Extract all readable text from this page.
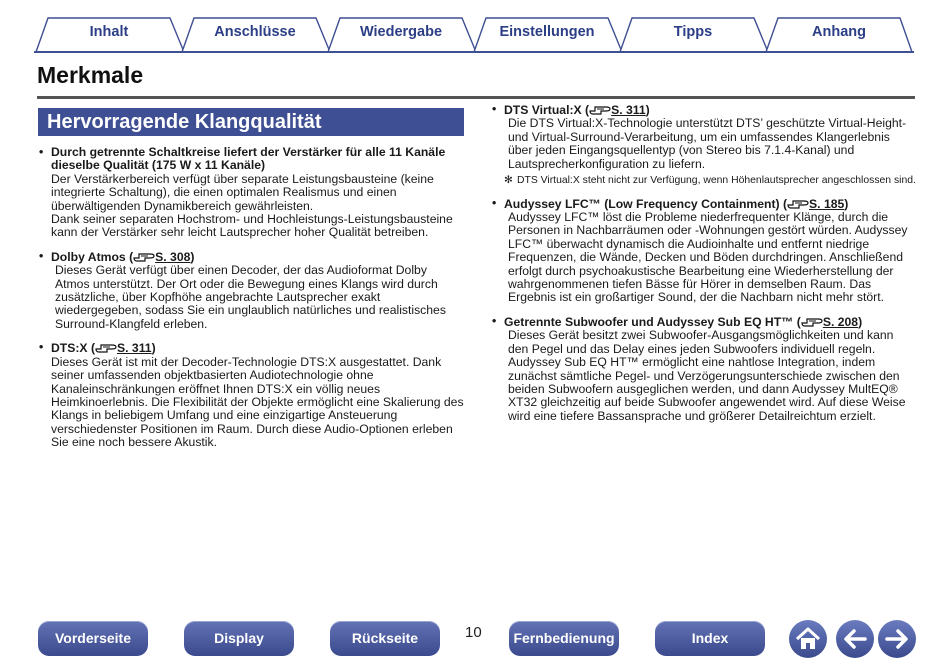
Inhalt	Anschlüsse	Wiedergabe	Einstellungen	Tipps	Anhang
Merkmale
Hervorragende Klangqualität
• Durch getrennte Schaltkreise liefert der Verstärker für alle 11 Kanäle dieselbe Qualität (175 W x 11 Kanäle)

Der Verstärkerbereich verfügt über separate Leistungsbausteine (keine integrierte Schaltung), die einen optimalen Realismus und einen überwältigenden Dynamikbereich gewährleisten.
Dank seiner separaten Hochstrom- und Hochleistungs-Leistungsbausteine kann der Verstärker sehr leicht Lautsprecher hoher Qualität betreiben.

• Dolby Atmos ( S. 308)

Dieses Gerät verfügt über einen Decoder, der das Audioformat Dolby Atmos unterstützt. Der Ort oder die Bewegung eines Klangs wird durch zusätzliche, über Kopfhöhe angebrachte Lautsprecher exakt wiedergegeben, sodass Sie ein unglaublich natürliches und realistisches Surround-Klangfeld erleben.

• DTS:X ( S. 311)

Dieses Gerät ist mit der Decoder-Technologie DTS:X ausgestattet. Dank seiner umfassenden objektbasierten Audiotechnologie ohne Kanaleinschränkungen eröffnet Ihnen DTS:X ein völlig neues Heimkinoerlebnis. Die Flexibilität der Objekte ermöglicht eine Skalierung des Klangs in beliebigem Umfang und eine einzigartige Ansteuerung verschiedenster Positionen im Raum. Durch diese Audio-Optionen erleben Sie eine noch bessere Akustik.

• DTS Virtual:X ( S. 311)

Die DTS Virtual:X-Technologie unterstützt DTS’ geschützte Virtual-Height- und Virtual-Surround-Verarbeitung, um ein umfassendes Klangerlebnis über jeden Eingangsquellentyp (von Stereo bis 7.1.4-Kanal) und Lautsprecherkonfiguration zu liefern.

✻ DTS Virtual:X steht nicht zur Verfügung, wenn Höhenlautsprecher angeschlossen sind.
• Audyssey LFC™ (Low Frequency Containment) ( S. 185)

Audyssey LFC™ löst die Probleme niederfrequenter Klänge, durch die Personen in Nachbarräumen oder -Wohnungen gestört würden. Audyssey LFC™ überwacht dynamisch die Audioinhalte und entfernt niedrige Frequenzen, die Wände, Decken und Böden durchdringen. Anschließend erfolgt durch psychoakustische Bearbeitung eine Wiederherstellung der wahrgenommenen tiefen Bässe für Hörer in demselben Raum. Das Ergebnis ist ein großartiger Sound, der die Nachbarn nicht mehr stört.

• Getrennte Subwoofer und Audyssey Sub EQ HT™ ( S. 208)

Dieses Gerät besitzt zwei Subwoofer-Ausgangsmöglichkeiten und kann den Pegel und das Delay eines jeden Subwoofers individuell regeln.
Audyssey Sub EQ HT™ ermöglicht eine nahtlose Integration, indem zunächst sämtliche Pegel- und Verzögerungsunterschiede zwischen den beiden Subwoofern ausgeglichen werden, und dann Audyssey MultEQ® XT32 gleichzeitig auf beide Subwoofer angewendet wird. Auf diese Weise wird eine tiefere Bassansprache und größerer Detailreichtum erzielt.

Vorderseite	Display	Rückseite	10	Fernbedienung	Index
